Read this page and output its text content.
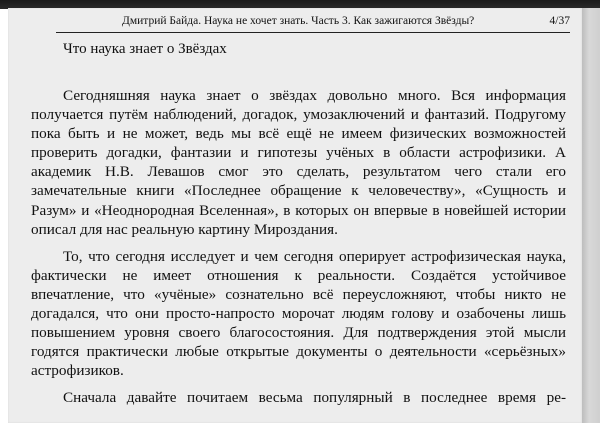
Дмитрий Байда. Наука не хочет знать. Часть 3. Как зажигаются Звёзды?	4/37
Что наука знает о Звёздах

Сегодняшняя наука знает о звёздах довольно много. Вся информация получается путём наблюдений, догадок, умозаключений и фантазий. Подругому пока быть и не может, ведь мы всё ещё не имеем физических возможностей проверить догадки, фантазии и гипотезы учёных в области астрофизики. А академик Н.В. Левашов смог это сделать, результатом чего стали его замечательные книги «Последнее обращение к человечеству», «Сущность и Разум» и «Неоднородная Вселенная», в которых он впервые в новейшей истории описал для нас реальную картину Мироздания.

То, что сегодня исследует и чем сегодня оперирует астрофизическая наука, фактически не имеет отношения к реальности. Создаётся устойчивое впечатление, что «учёные» сознательно всё переусложняют, чтобы никто не догадался, что они просто-напросто морочат людям голову и озабочены лишь повышением уровня своего благосостояния. Для подтверждения этой мысли годятся практически любые открытые документы о деятельности «серьёзных» астрофизиков.

Сначала давайте почитаем весьма популярный в последнее время ре-
